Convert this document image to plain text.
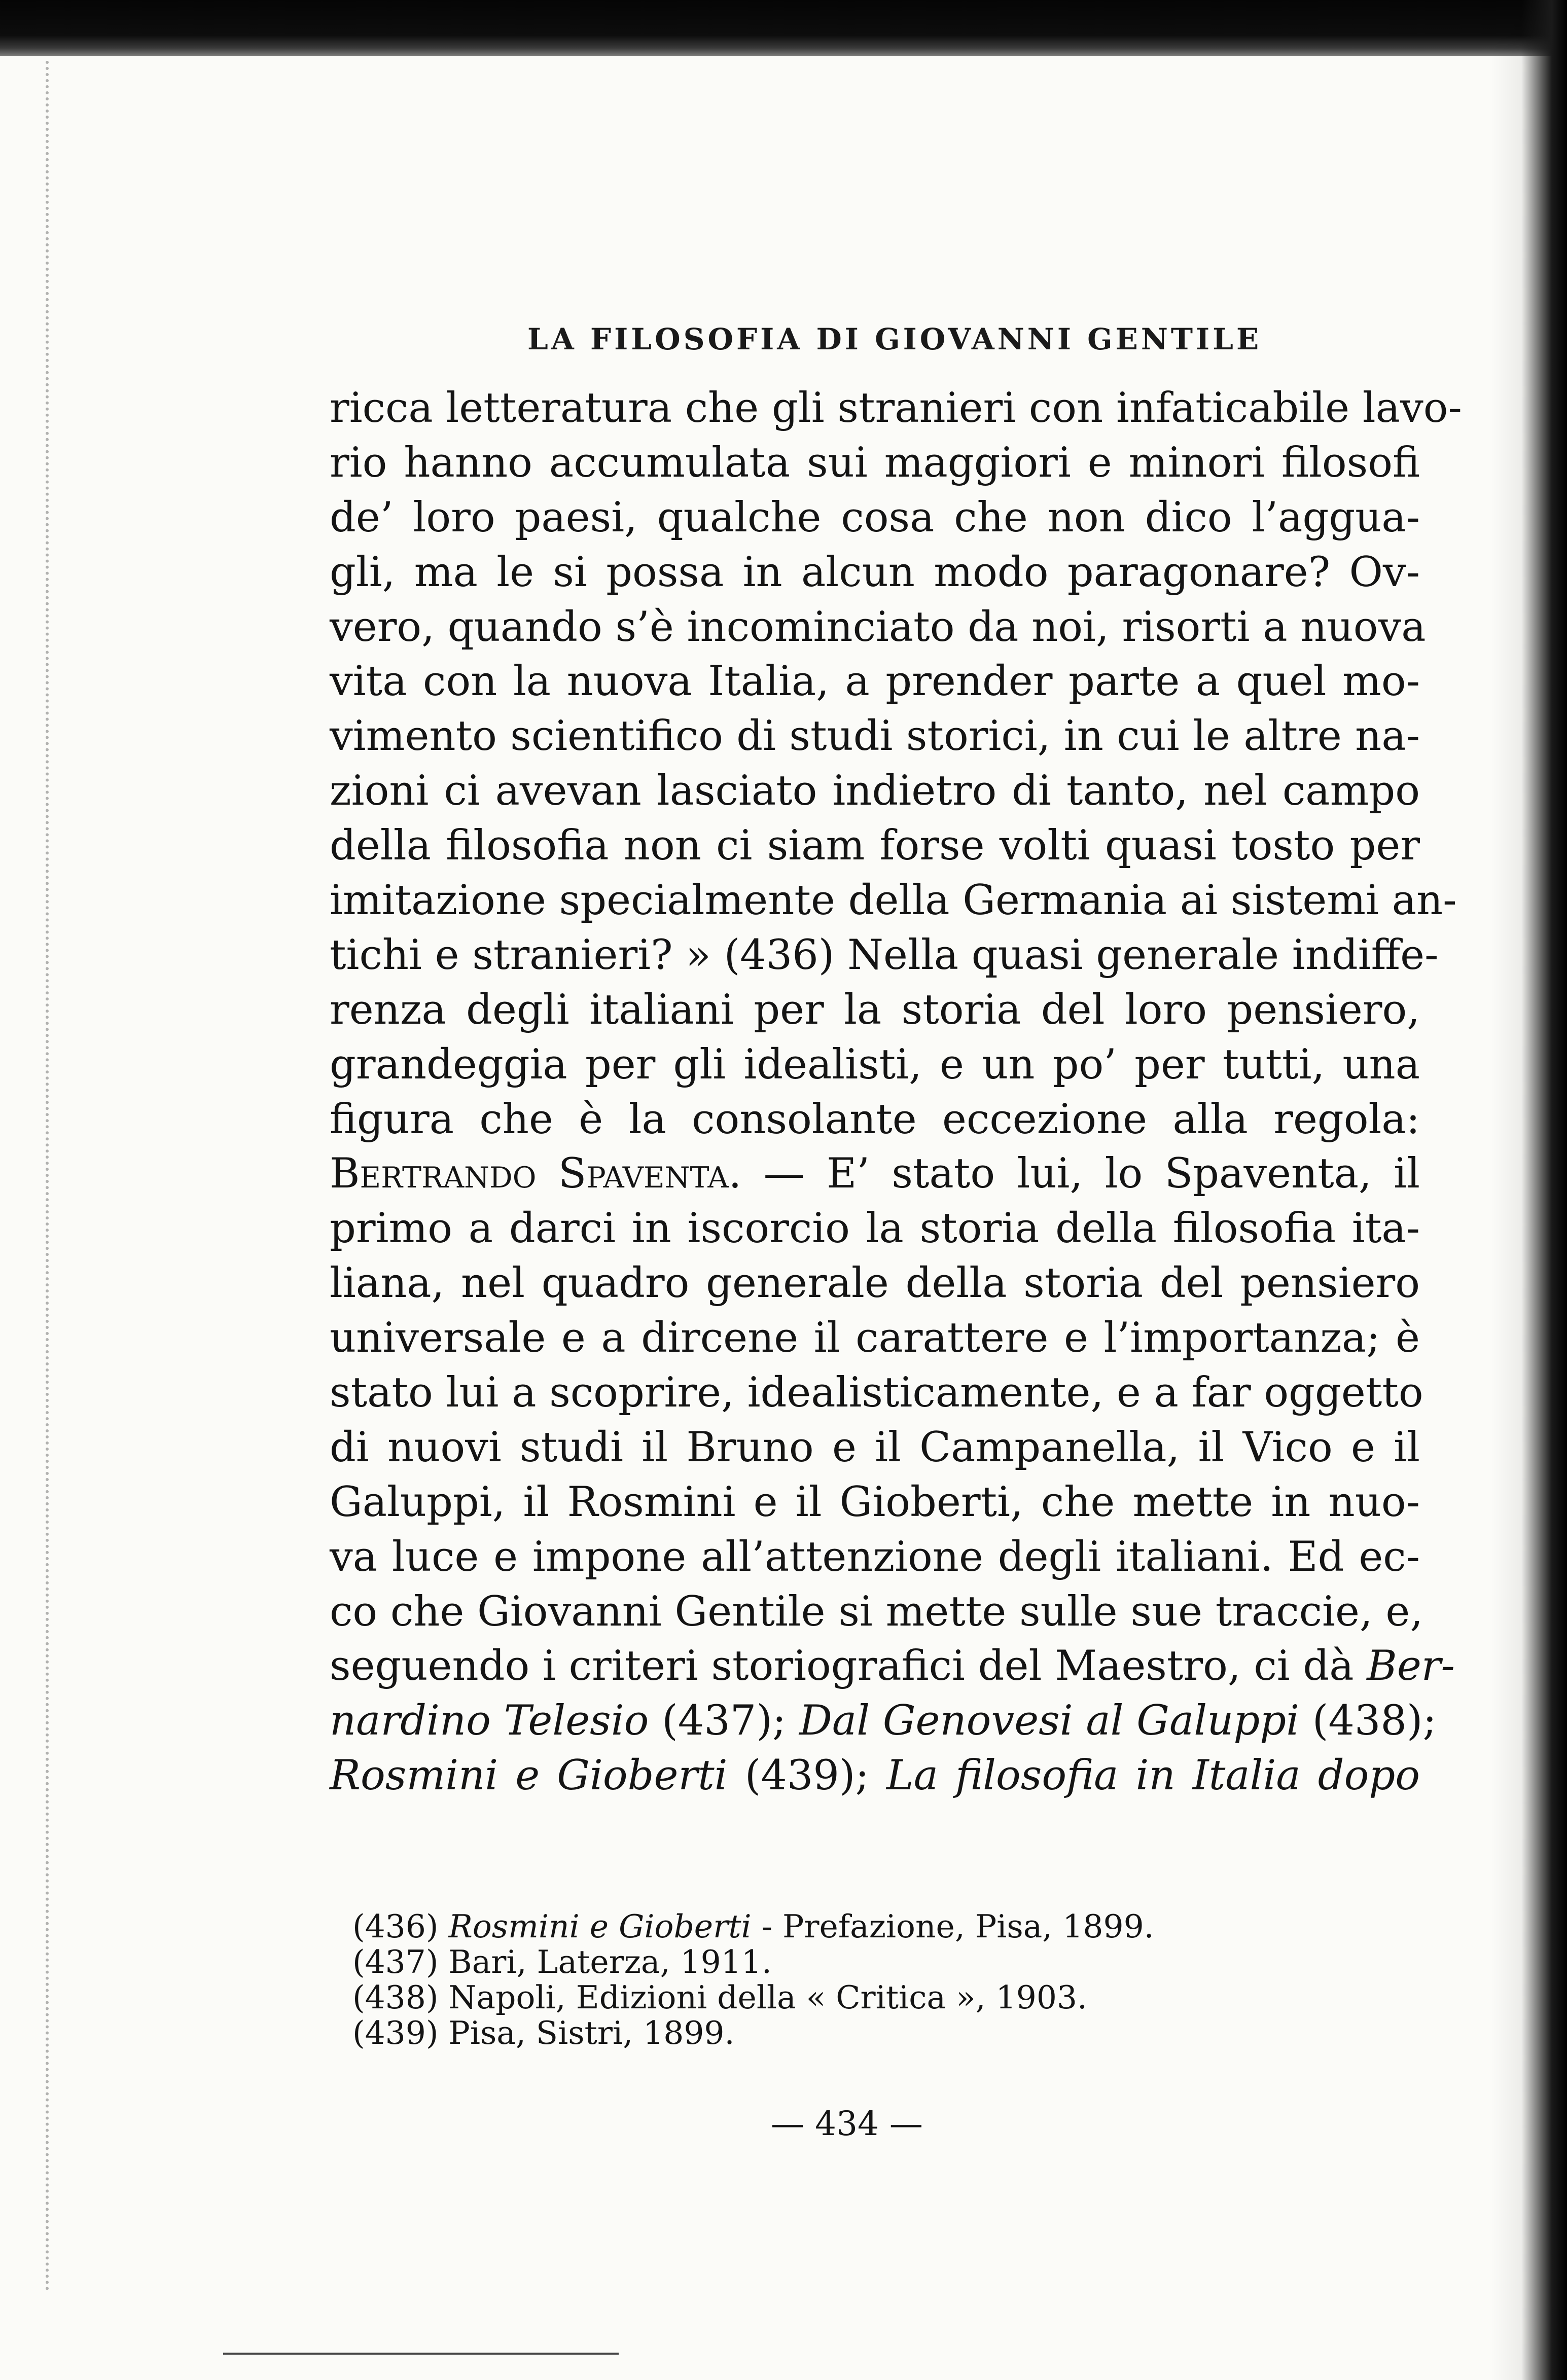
LA FILOSOFIA DI GIOVANNI GENTILE
ricca letteratura che gli stranieri con infaticabile lavo-
rio hanno accumulata sui maggiori e minori filosofi
de’ loro paesi, qualche cosa che non dico l’aggua-
gli, ma le si possa in alcun modo paragonare? Ov-
vero, quando s’è incominciato da noi, risorti a nuova
vita con la nuova Italia, a prender parte a quel mo-
vimento scientifico di studi storici, in cui le altre na-
zioni ci avevan lasciato indietro di tanto, nel campo
della filosofia non ci siam forse volti quasi tosto per
imitazione specialmente della Germania ai sistemi an-
tichi e stranieri? » (436) Nella quasi generale indiffe-
renza degli italiani per la storia del loro pensiero,
grandeggia per gli idealisti, e un po’ per tutti, una
figura che è la consolante eccezione alla regola:
Bertrando Spaventa. — E’ stato lui, lo Spaventa, il
primo a darci in iscorcio la storia della filosofia ita-
liana, nel quadro generale della storia del pensiero
universale e a dircene il carattere e l’importanza; è
stato lui a scoprire, idealisticamente, e a far oggetto
di nuovi studi il Bruno e il Campanella, il Vico e il
Galuppi, il Rosmini e il Gioberti, che mette in nuo-
va luce e impone all’attenzione degli italiani. Ed ec-
co che Giovanni Gentile si mette sulle sue traccie, e,
seguendo i criteri storiografici del Maestro, ci dà Ber-
nardino Telesio (437); Dal Genovesi al Galuppi (438);
Rosmini e Gioberti (439); La filosofia in Italia dopo
(436) Rosmini e Gioberti - Prefazione, Pisa, 1899.
(437) Bari, Laterza, 1911.
(438) Napoli, Edizioni della « Critica », 1903.
(439) Pisa, Sistri, 1899.
— 434 —
